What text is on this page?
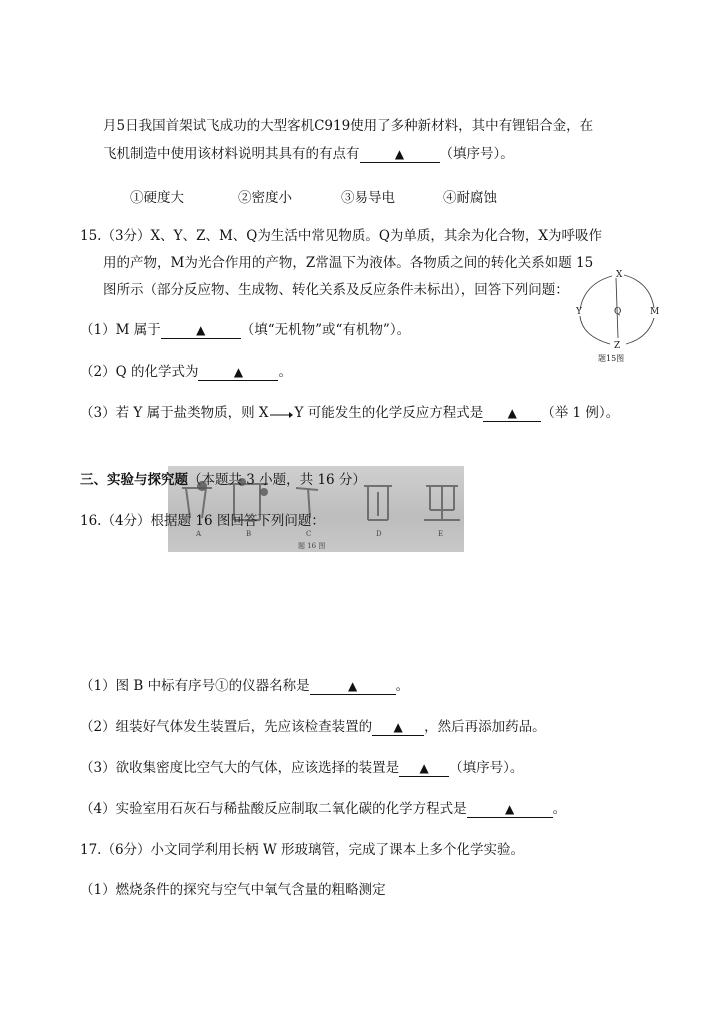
月5日我国首架试飞成功的大型客机C919使用了多种新材料，其中有锂铝合金，在
飞机制造中使用该材料说明其具有的有点有	▲	（填序号）。
①硬度大	②密度小	③易导电	④耐腐蚀
15.（3分）X、Y、Z、M、Q为生活中常见物质。Q为单质，其余为化合物，X为呼吸作
用的产物，M为光合作用的产物，Z常温下为液体。各物质之间的转化关系如题 15
图所示（部分反应物、生成物、转化关系及反应条件未标出），回答下列问题：
（1）M 属于	▲	（填“无机物”或“有机物”）。
（2）Q 的化学式为	▲	。
（3）若 Y 属于盐类物质，则 X Y 可能发生的化学反应方程式是 ▲ （举 1 例）。
X
Y	Q	M
Z
题15图
A	B	C	D	E
题 16 图
三、实验与探究题（本题共 3 小题，共 16 分）
16.（4分）根据题 16 图回答下列问题：
（1）图 B 中标有序号①的仪器名称是	▲	。
（2）组装好气体发生装置后，先应该检查装置的 ▲ ，然后再添加药品。
（3）欲收集密度比空气大的气体，应该选择的装置是 ▲ （填序号）。
（4）实验室用石灰石与稀盐酸反应制取二氧化碳的化学方程式是	▲	。
17.（6分）小文同学利用长柄 W 形玻璃管，完成了课本上多个化学实验。
（1）燃烧条件的探究与空气中氧气含量的粗略测定
